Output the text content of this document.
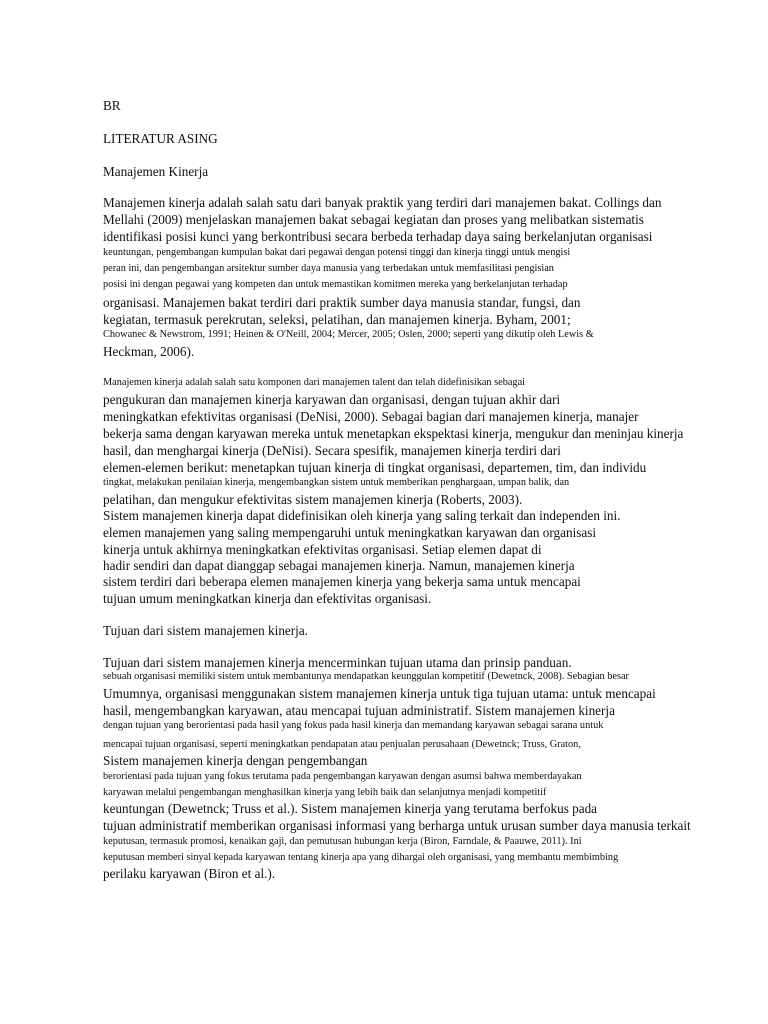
BR
LITERATUR ASING
Manajemen Kinerja
Manajemen kinerja adalah salah satu dari banyak praktik yang terdiri dari manajemen bakat. Collings dan
Mellahi (2009) menjelaskan manajemen bakat sebagai kegiatan dan proses yang melibatkan sistematis
identifikasi posisi kunci yang berkontribusi secara berbeda terhadap daya saing berkelanjutan organisasi
keuntungan, pengembangan kumpulan bakat dari pegawai dengan potensi tinggi dan kinerja tinggi untuk mengisi
peran ini, dan pengembangan arsitektur sumber daya manusia yang terbedakan untuk memfasilitasi pengisian
posisi ini dengan pegawai yang kompeten dan untuk memastikan komitmen mereka yang berkelanjutan terhadap
organisasi. Manajemen bakat terdiri dari praktik sumber daya manusia standar, fungsi, dan
kegiatan, termasuk perekrutan, seleksi, pelatihan, dan manajemen kinerja. Byham, 2001;
Chowanec & Newstrom, 1991; Heinen & O'Neill, 2004; Mercer, 2005; Oslen, 2000; seperti yang dikutip oleh Lewis &
Heckman, 2006).
Manajemen kinerja adalah salah satu komponen dari manajemen talent dan telah didefinisikan sebagai
pengukuran dan manajemen kinerja karyawan dan organisasi, dengan tujuan akhir dari
meningkatkan efektivitas organisasi (DeNisi, 2000). Sebagai bagian dari manajemen kinerja, manajer
bekerja sama dengan karyawan mereka untuk menetapkan ekspektasi kinerja, mengukur dan meninjau kinerja
hasil, dan menghargai kinerja (DeNisi). Secara spesifik, manajemen kinerja terdiri dari
elemen-elemen berikut: menetapkan tujuan kinerja di tingkat organisasi, departemen, tim, dan individu
tingkat, melakukan penilaian kinerja, mengembangkan sistem untuk memberikan penghargaan, umpan balik, dan
pelatihan, dan mengukur efektivitas sistem manajemen kinerja (Roberts, 2003).
Sistem manajemen kinerja dapat didefinisikan oleh kinerja yang saling terkait dan independen ini.
elemen manajemen yang saling mempengaruhi untuk meningkatkan karyawan dan organisasi
kinerja untuk akhirnya meningkatkan efektivitas organisasi. Setiap elemen dapat di
hadir sendiri dan dapat dianggap sebagai manajemen kinerja. Namun, manajemen kinerja
sistem terdiri dari beberapa elemen manajemen kinerja yang bekerja sama untuk mencapai
tujuan umum meningkatkan kinerja dan efektivitas organisasi.
Tujuan dari sistem manajemen kinerja.
Tujuan dari sistem manajemen kinerja mencerminkan tujuan utama dan prinsip panduan.
sebuah organisasi memiliki sistem untuk membantunya mendapatkan keunggulan kompetitif (Dewetnck, 2008). Sebagian besar
Umumnya, organisasi menggunakan sistem manajemen kinerja untuk tiga tujuan utama: untuk mencapai
hasil, mengembangkan karyawan, atau mencapai tujuan administratif. Sistem manajemen kinerja
dengan tujuan yang berorientasi pada hasil yang fokus pada hasil kinerja dan memandang karyawan sebagai sarana untuk
mencapai tujuan organisasi, seperti meningkatkan pendapatan atau penjualan perusahaan (Dewetnck; Truss, Graton,
Sistem manajemen kinerja dengan pengembangan
berorientasi pada tujuan yang fokus terutama pada pengembangan karyawan dengan asumsi bahwa memberdayakan
karyawan melalui pengembangan menghasilkan kinerja yang lebih baik dan selanjutnya menjadi kompetitif
keuntungan (Dewetnck; Truss et al.). Sistem manajemen kinerja yang terutama berfokus pada
tujuan administratif memberikan organisasi informasi yang berharga untuk urusan sumber daya manusia terkait
keputusan, termasuk promosi, kenaikan gaji, dan pemutusan hubungan kerja (Biron, Farndale, & Paauwe, 2011). Ini
keputusan memberi sinyal kepada karyawan tentang kinerja apa yang dihargai oleh organisasi, yang membantu membimbing
perilaku karyawan (Biron et al.).
